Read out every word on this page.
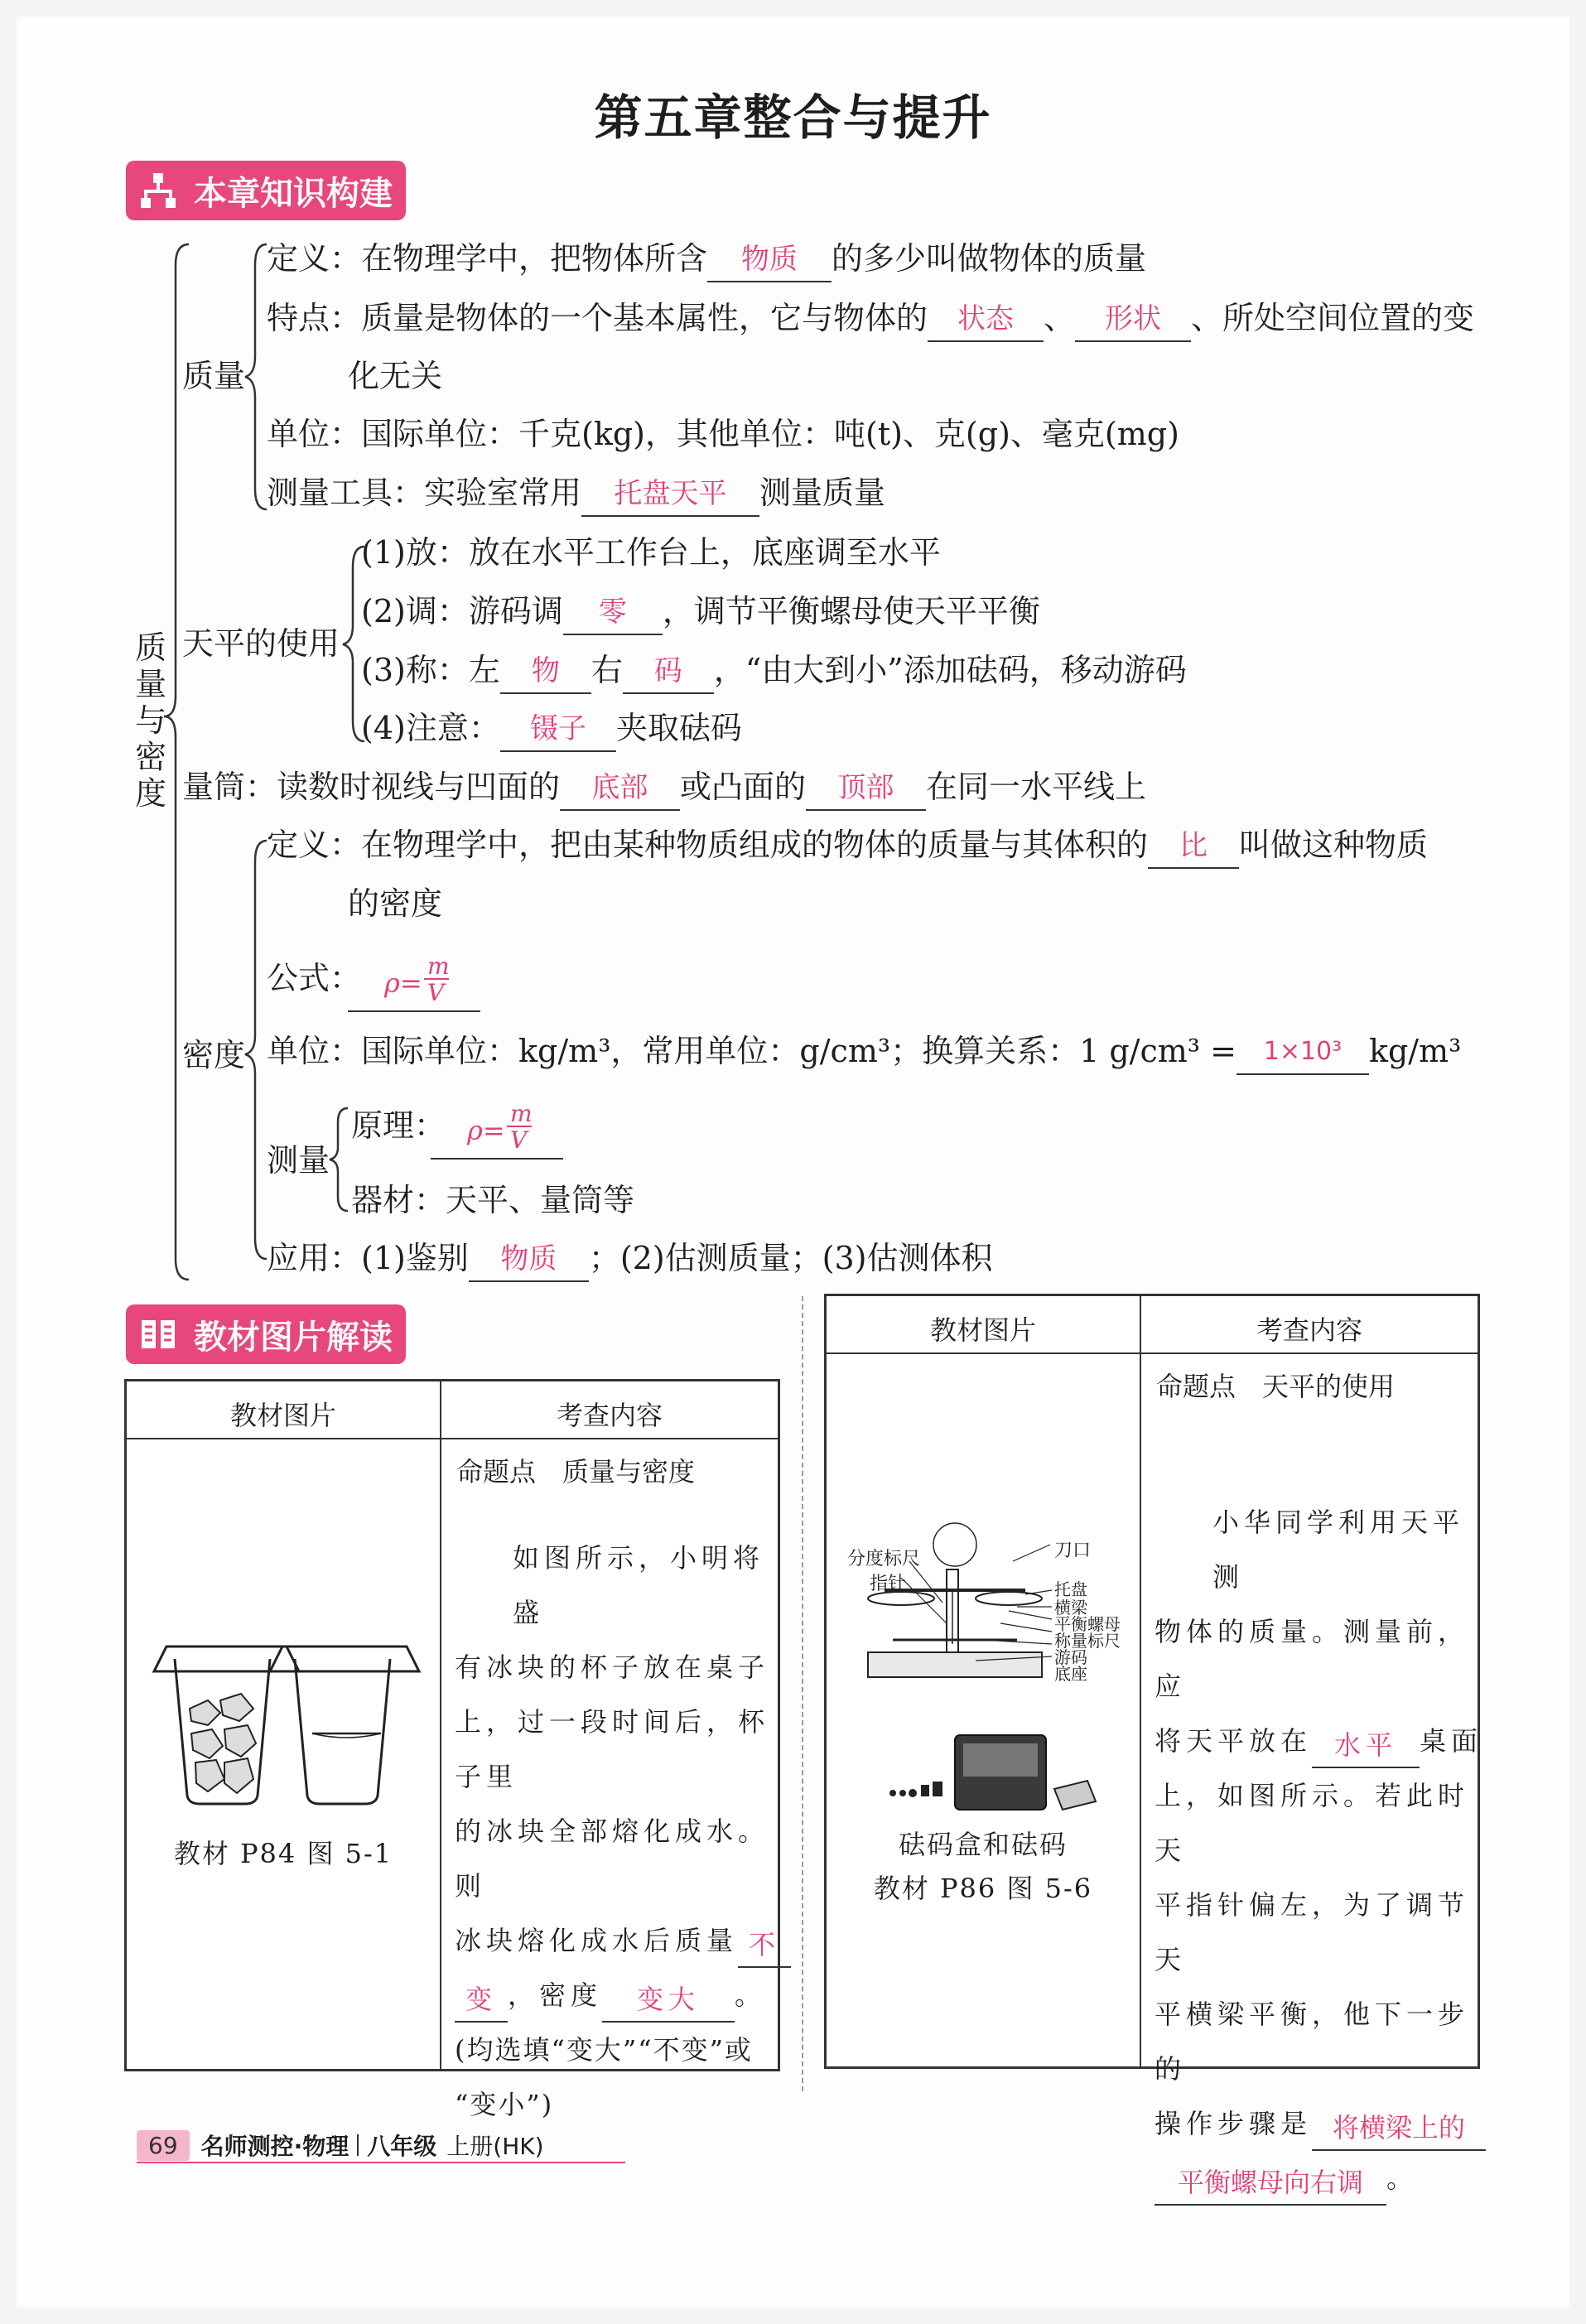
第五章整合与提升
本章知识构建
质量与密度
质量
定义：在物理学中，把物体所含 物质 的多少叫做物体的质量
特点：质量是物体的一个基本属性，它与物体的 状态 、 形状 、所处空间位置的变
化无关
单位：国际单位：千克(kg)，其他单位：吨(t)、克(g)、毫克(mg)
测量工具：实验室常用 托盘天平 测量质量
天平的使用
(1)放：放在水平工作台上，底座调至水平
(2)调：游码调 零 ，调节平衡螺母使天平平衡
(3)称：左 物 右 码 ，“由大到小”添加砝码，移动游码
(4)注意： 镊子 夹取砝码
量筒：读数时视线与凹面的 底部 或凸面的 顶部 在同一水平线上
密度
定义：在物理学中，把由某种物质组成的物体的质量与其体积的 比 叫做这种物质
的密度
公式： ρ=
m
V
单位：国际单位：kg/m³，常用单位：g/cm³；换算关系：1 g/cm³ = 1×10³ kg/m³
测量
原理： ρ=
m
V
器材：天平、量筒等
应用：(1)鉴别 物质 ；(2)估测质量；(3)估测体积
教材图片解读
教材图片	考查内容
教材 P84 图 5-1
命题点　质量与密度
如图所示，小明将盛
有冰块的杯子放在桌子
上，过一段时间后，杯子里
的冰块全部熔化成水。则
冰块熔化成水后质量 不
变 ，密度 变大 。
(均选填“变大”“不变”或
“变小”)
教材图片	考查内容
分度标尺
指针
刀口
托盘
横梁
平衡螺母
称量标尺
游码
底座
砝码盒和砝码
教材 P86 图 5-6
命题点　天平的使用
小华同学利用天平测
物体的质量。测量前，应
将天平放在 水平 桌面
上，如图所示。若此时天
平指针偏左，为了调节天
平横梁平衡，他下一步的
操作步骤是 将横梁上的
平衡螺母向右调 。
69	名师测控·物理 八年级 上册(HK)
